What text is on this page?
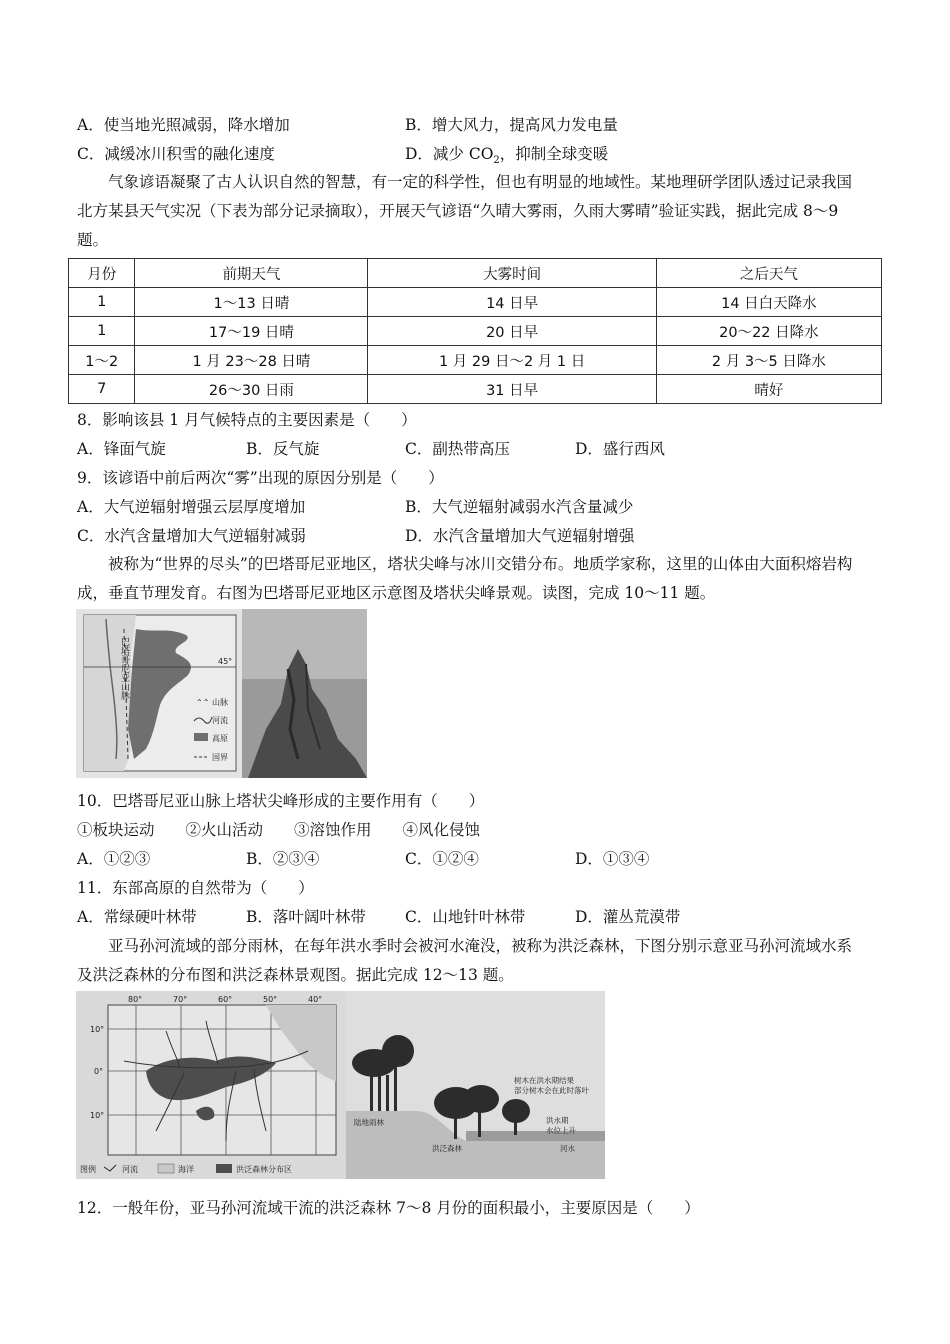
A．使当地光照减弱，降水增加	B．增大风力，提高风力发电量
C．减缓冰川积雪的融化速度	D．减少 $CO_2$，抑制全球变暖
气象谚语凝聚了古人认识自然的智慧，有一定的科学性，但也有明显的地域性。某地理研学团队透过记录我国北方某县天气实况（下表为部分记录摘取），开展天气谚语“久晴大雾雨，久雨大雾晴”验证实践，据此完成 8～9 题。
月份	前期天气	大雾时间	之后天气
1	1～13 日晴	14 日早	14 日白天降水
1	17～19 日晴	20 日早	20～22 日降水
1～2	1 月 23～28 日晴	1 月 29 日～2 月 1 日	2 月 3～5 日降水
7	26～30 日雨	31 日早	晴好
8．影响该县 1 月气候特点的主要因素是（　　）
A．锋面气旋	B．反气旋	C．副热带高压	D．盛行西风
9．该谚语中前后两次“雾”出现的原因分别是（　　）
A．大气逆辐射增强云层厚度增加	B．大气逆辐射减弱水汽含量减少
C．水汽含量增加大气逆辐射减弱	D．水汽含量增加大气逆辐射增强
被称为“世界的尽头”的巴塔哥尼亚地区，塔状尖峰与冰川交错分布。地质学家称，这里的山体由大面积熔岩构成，垂直节理发育。右图为巴塔哥尼亚地区示意图及塔状尖峰景观。读图，完成 10～11 题。
45°
巴塔哥尼亚山脉
⌃⌃ 山脉
河流
高原
国界
10．巴塔哥尼亚山脉上塔状尖峰形成的主要作用有（　　）
①板块运动　　②火山活动　　③溶蚀作用　　④风化侵蚀
A．①②③	B．②③④	C．①②④	D．①③④
11．东部高原的自然带为（　　）
A．常绿硬叶林带	B．落叶阔叶林带	C．山地针叶林带	D．灌丛荒漠带
亚马孙河流域的部分雨林，在每年洪水季时会被河水淹没，被称为洪泛森林，下图分别示意亚马孙河流域水系及洪泛森林的分布图和洪泛森林景观图。据此完成 12～13 题。
80°	70°	60°	50°	40°
10°
0°
10°
图例	河流	海洋	洪泛森林分布区
陆地雨林
洪泛森林
树木在洪水期结果
部分树木会在此时落叶
洪水期
水位上升
河水
12．一般年份，亚马孙河流域干流的洪泛森林 7～8 月份的面积最小，主要原因是（　　）
